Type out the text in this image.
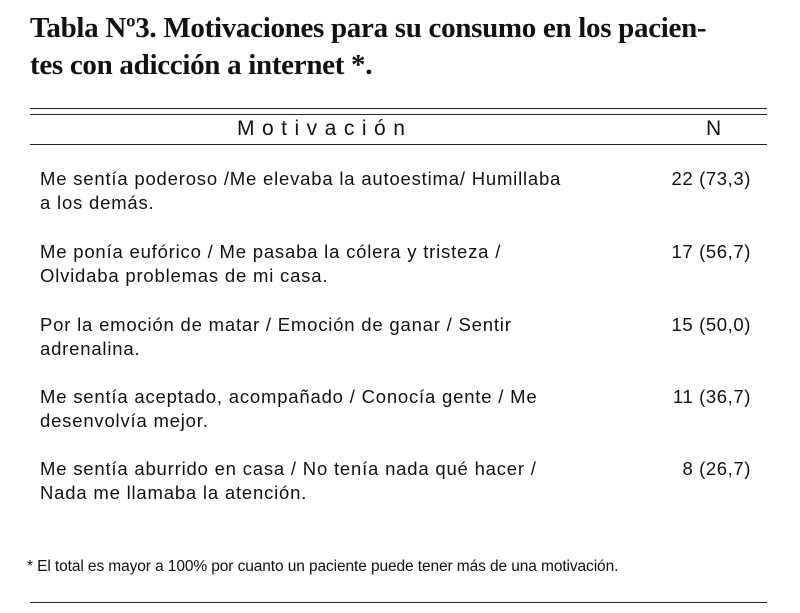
Tabla Nº3. Motivaciones para su consumo en los pacien-
tes con adicción a internet *.
Motivación	N
Me sentía poderoso /Me elevaba la autoestima/ Humillaba
a los demás.
22 (73,3)
Me ponía eufórico / Me pasaba la cólera y tristeza /
Olvidaba problemas de mi casa.
17 (56,7)
Por la emoción de matar / Emoción de ganar / Sentir
adrenalina.
15 (50,0)
Me sentía aceptado, acompañado / Conocía gente / Me
desenvolvía mejor.
11 (36,7)
Me sentía aburrido en casa / No tenía nada qué hacer /
Nada me llamaba la atención.
8 (26,7)
* El total es mayor a 100% por cuanto un paciente puede tener más de una motivación.
